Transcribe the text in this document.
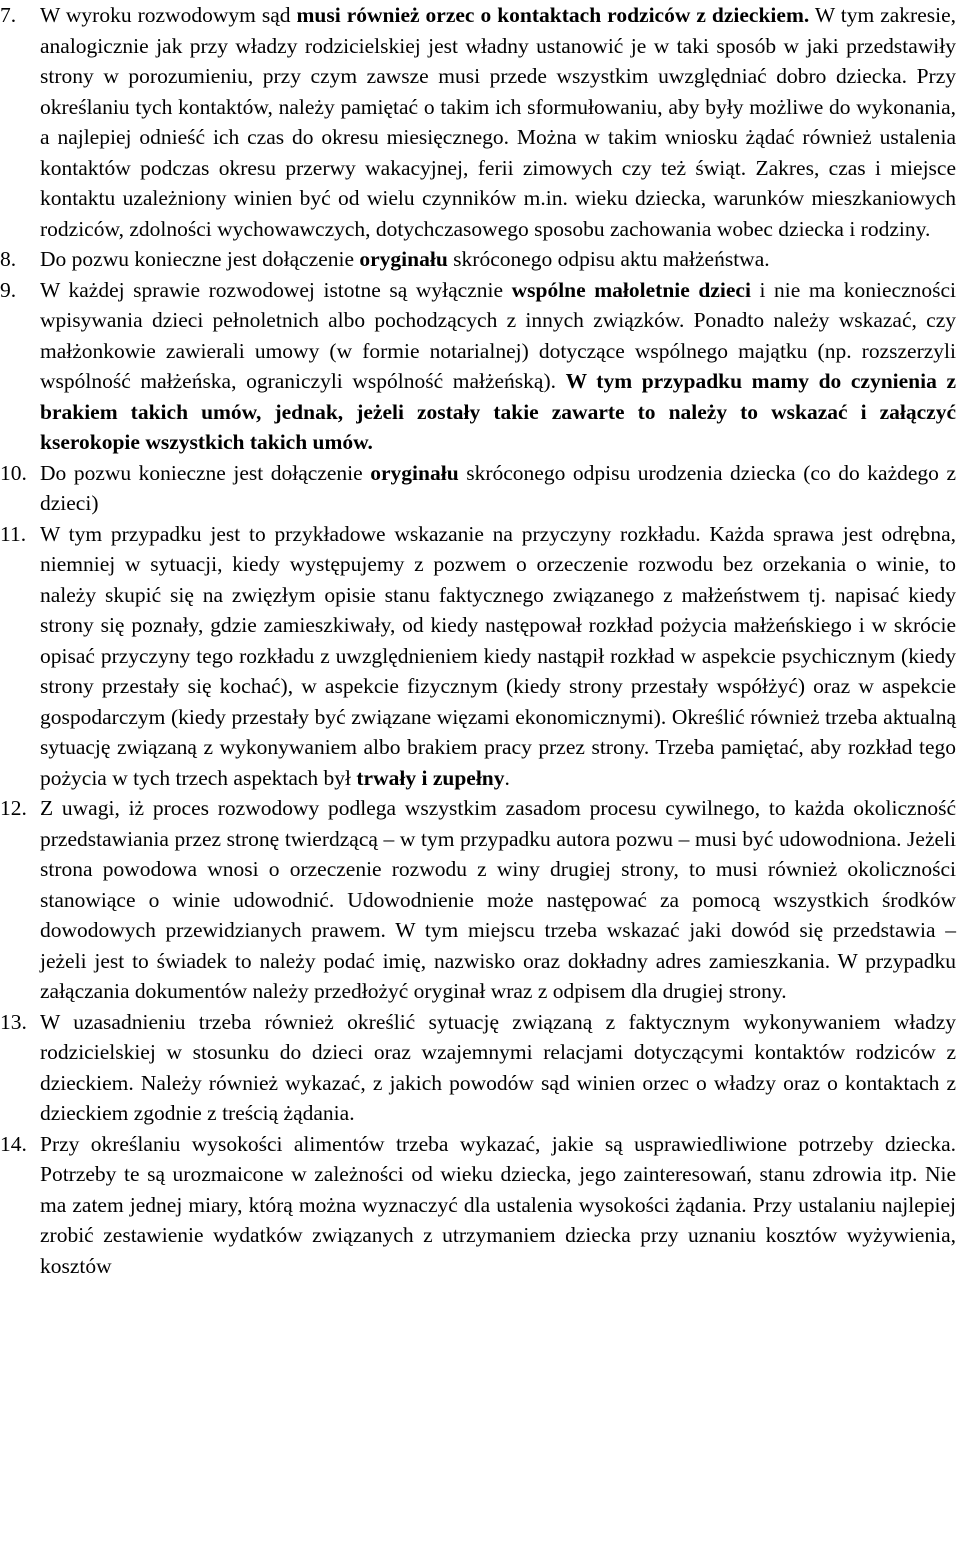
7.	W wyroku rozwodowym sąd musi również orzec o kontaktach rodziców z dzieckiem. W tym zakresie, analogicznie jak przy władzy rodzicielskiej jest władny ustanowić je w taki sposób w jaki przedstawiły strony w porozumieniu, przy czym zawsze musi przede wszystkim uwzględniać dobro dziecka. Przy określaniu tych kontaktów, należy pamiętać o takim ich sformułowaniu, aby były możliwe do wykonania, a najlepiej odnieść ich czas do okresu miesięcznego. Można w takim wniosku żądać również ustalenia kontaktów podczas okresu przerwy wakacyjnej, ferii zimowych czy też świąt. Zakres, czas i miejsce kontaktu uzależniony winien być od wielu czynników m.in. wieku dziecka, warunków mieszkaniowych rodziców, zdolności wychowawczych, dotychczasowego sposobu zachowania wobec dziecka i rodziny.
8.	Do pozwu konieczne jest dołączenie oryginału skróconego odpisu aktu małżeństwa.
9.	W każdej sprawie rozwodowej istotne są wyłącznie wspólne małoletnie dzieci i nie ma konieczności wpisywania dzieci pełnoletnich albo pochodzących z innych związków. Ponadto należy wskazać, czy małżonkowie zawierali umowy (w formie notarialnej) dotyczące wspólnego majątku (np. rozszerzyli wspólność małżeńska, ograniczyli wspólność małżeńską). W tym przypadku mamy do czynienia z brakiem takich umów, jednak, jeżeli zostały takie zawarte to należy to wskazać i załączyć kserokopie wszystkich takich umów.
10. Do pozwu konieczne jest dołączenie oryginału skróconego odpisu urodzenia dziecka (co do każdego z dzieci)
11. W tym przypadku jest to przykładowe wskazanie na przyczyny rozkładu. Każda sprawa jest odrębna, niemniej w sytuacji, kiedy występujemy z pozwem o orzeczenie rozwodu bez orzekania o winie, to należy skupić się na zwięzłym opisie stanu faktycznego związanego z małżeństwem tj. napisać kiedy strony się poznały, gdzie zamieszkiwały, od kiedy następował rozkład pożycia małżeńskiego i w skrócie opisać przyczyny tego rozkładu z uwzględnieniem kiedy nastąpił rozkład w aspekcie psychicznym (kiedy strony przestały się kochać), w aspekcie fizycznym (kiedy strony przestały współżyć) oraz w aspekcie gospodarczym (kiedy przestały być związane więzami ekonomicznymi). Określić również trzeba aktualną sytuację związaną z wykonywaniem albo brakiem pracy przez strony. Trzeba pamiętać, aby rozkład tego pożycia w tych trzech aspektach był trwały i zupełny.
12. Z uwagi, iż proces rozwodowy podlega wszystkim zasadom procesu cywilnego, to każda okoliczność przedstawiania przez stronę twierdzącą – w tym przypadku autora pozwu – musi być udowodniona. Jeżeli strona powodowa wnosi o orzeczenie rozwodu z winy drugiej strony, to musi również okoliczności stanowiące o winie udowodnić. Udowodnienie może następować za pomocą wszystkich środków dowodowych przewidzianych prawem. W tym miejscu trzeba wskazać jaki dowód się przedstawia – jeżeli jest to świadek to należy podać imię, nazwisko oraz dokładny adres zamieszkania. W przypadku załączania dokumentów należy przedłożyć oryginał wraz z odpisem dla drugiej strony.
13. W uzasadnieniu trzeba również określić sytuację związaną z faktycznym wykonywaniem władzy rodzicielskiej w stosunku do dzieci oraz wzajemnymi relacjami dotyczącymi kontaktów rodziców z dzieckiem. Należy również wykazać, z jakich powodów sąd winien orzec o władzy oraz o kontaktach z dzieckiem zgodnie z treścią żądania.
14. Przy określaniu wysokości alimentów trzeba wykazać, jakie są usprawiedliwione potrzeby dziecka. Potrzeby te są urozmaicone w zależności od wieku dziecka, jego zainteresowań, stanu zdrowia itp. Nie ma zatem jednej miary, którą można wyznaczyć dla ustalenia wysokości żądania. Przy ustalaniu najlepiej zrobić zestawienie wydatków związanych z utrzymaniem dziecka przy uznaniu kosztów wyżywienia, kosztów
